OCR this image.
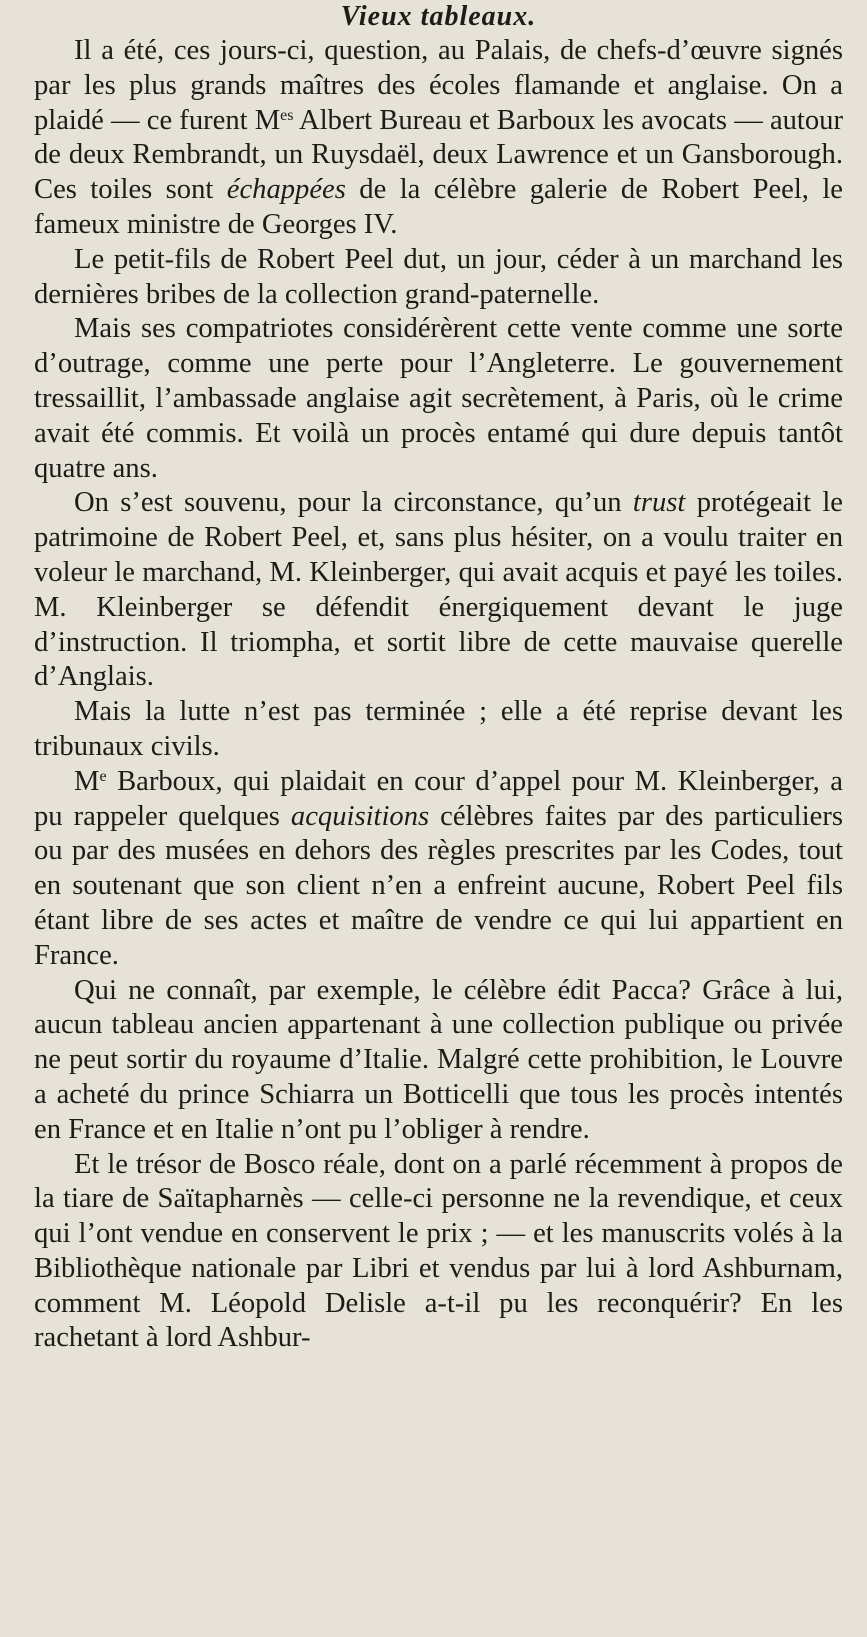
Vieux tableaux.

Il a été, ces jours-ci, question, au Palais, de chefs-d’œuvre signés par les plus grands maîtres des écoles flamande et anglaise. On a plaidé — ce furent $M^{es}$ Albert Bureau et Barboux les avocats — autour de deux Rembrandt, un Ruysdaël, deux Lawrence et un Gansborough. Ces toiles sont échappées de la célèbre galerie de Robert Peel, le fameux ministre de Georges IV.

Le petit-fils de Robert Peel dut, un jour, céder à un marchand les dernières bribes de la collection grand-paternelle.

Mais ses compatriotes considérèrent cette vente comme une sorte d’outrage, comme une perte pour l’Angleterre. Le gouvernement tressaillit, l’ambassade anglaise agit secrètement, à Paris, où le crime avait été commis. Et voilà un procès entamé qui dure depuis tantôt quatre ans.

On s’est souvenu, pour la circonstance, qu’un trust protégeait le patrimoine de Robert Peel, et, sans plus hésiter, on a voulu traiter en voleur le marchand, M. Kleinberger, qui avait acquis et payé les toiles. M. Kleinberger se défendit énergiquement devant le juge d’instruction. Il triompha, et sortit libre de cette mauvaise querelle d’Anglais.

Mais la lutte n’est pas terminée ; elle a été reprise devant les tribunaux civils.

Me Barboux, qui plaidait en cour d’appel pour M. Kleinberger, a pu rappeler quelques acquisitions célèbres faites par des particuliers ou par des musées en dehors des règles prescrites par les Codes, tout en soutenant que son client n’en a enfreint aucune, Robert Peel fils étant libre de ses actes et maître de vendre ce qui lui appartient en France.

Qui ne connaît, par exemple, le célèbre édit Pacca? Grâce à lui, aucun tableau ancien appartenant à une collection publique ou privée ne peut sortir du royaume d’Italie. Malgré cette prohibition, le Louvre a acheté du prince Schiarra un Botticelli que tous les procès intentés en France et en Italie n’ont pu l’obliger à rendre.

Et le trésor de Bosco réale, dont on a parlé récemment à propos de la tiare de Saïtapharnès — celle-ci personne ne la revendique, et ceux qui l’ont vendue en conservent le prix ; — et les manuscrits volés à la Bibliothèque nationale par Libri et vendus par lui à lord Ashburnam, comment M. Léopold Delisle a-t-il pu les reconquérir? En les rachetant à lord Ashbur-
